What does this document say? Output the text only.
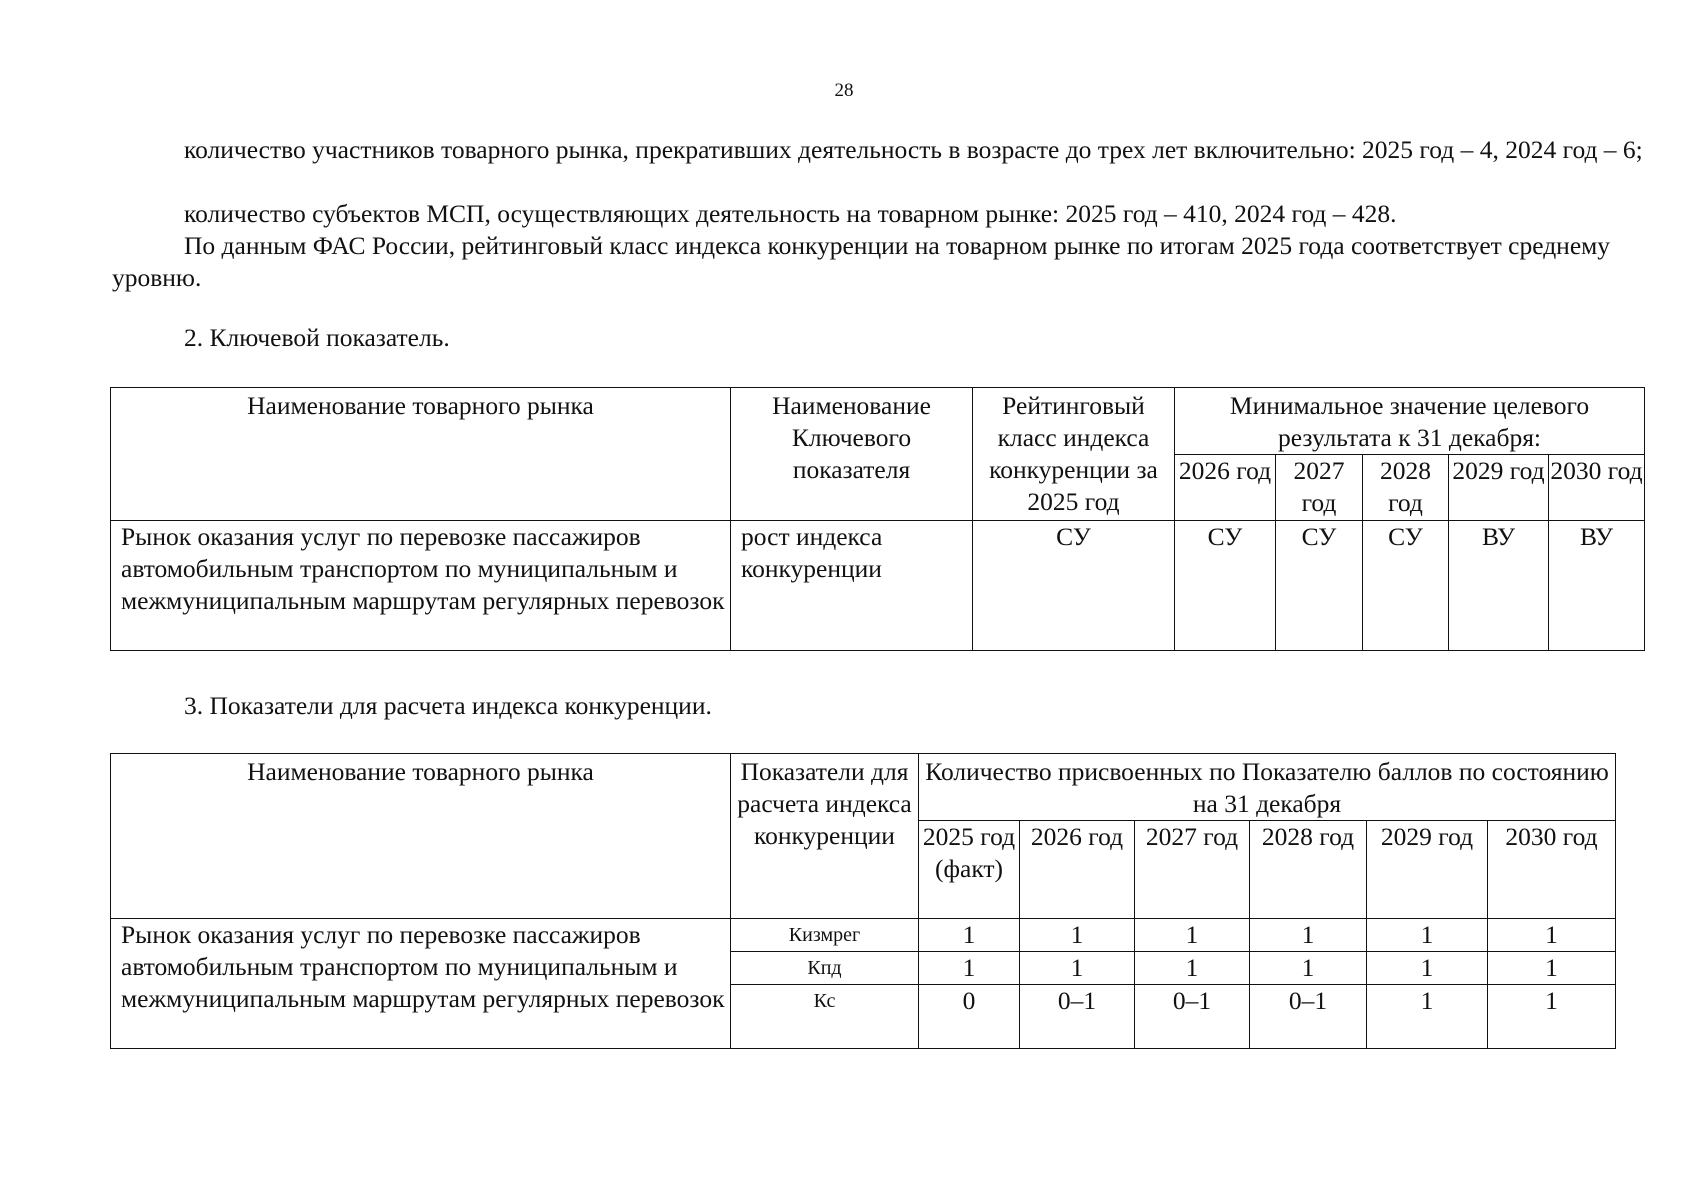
28

количество участников товарного рынка, прекративших деятельность в возрасте до трех лет включительно: 2025 год – 4, 2024 год – 6;

количество субъектов МСП, осуществляющих деятельность на товарном рынке: 2025 год – 410, 2024 год – 428.

По данным ФАС России, рейтинговый класс индекса конкуренции на товарном рынке по итогам 2025 года соответствует среднему уровню.

2. Ключевой показатель.
Наименование товарного рынка	Наименование Ключевого показателя	Рейтинговый класс индекса конкуренции за 2025 год	Минимальное значение целевого результата к 31 декабря:				
			2026 год	2027 год	2028 год	2029 год	2030 год
Рынок оказания услуг по перевозке пассажиров автомобильным транспортом по муниципальным и межмуниципальным маршрутам регулярных перевозок	рост индекса конкуренции	СУ	СУ	СУ	СУ	ВУ	ВУ
3. Показатели для расчета индекса конкуренции.
Наименование товарного рынка	Показатели для расчета индекса конкуренции	Количество присвоенных по Показателю баллов по состоянию на 31 декабря					
		2025 год (факт)	2026 год	2027 год	2028 год	2029 год	2030 год
Рынок оказания услуг по перевозке пассажиров автомобильным транспортом по муниципальным и межмуниципальным маршрутам регулярных перевозок	Кизмрег	1	1	1	1	1	1
	Кпд	1	1	1	1	1	1
	Кс	0	0–1	0–1	0–1	1	1
